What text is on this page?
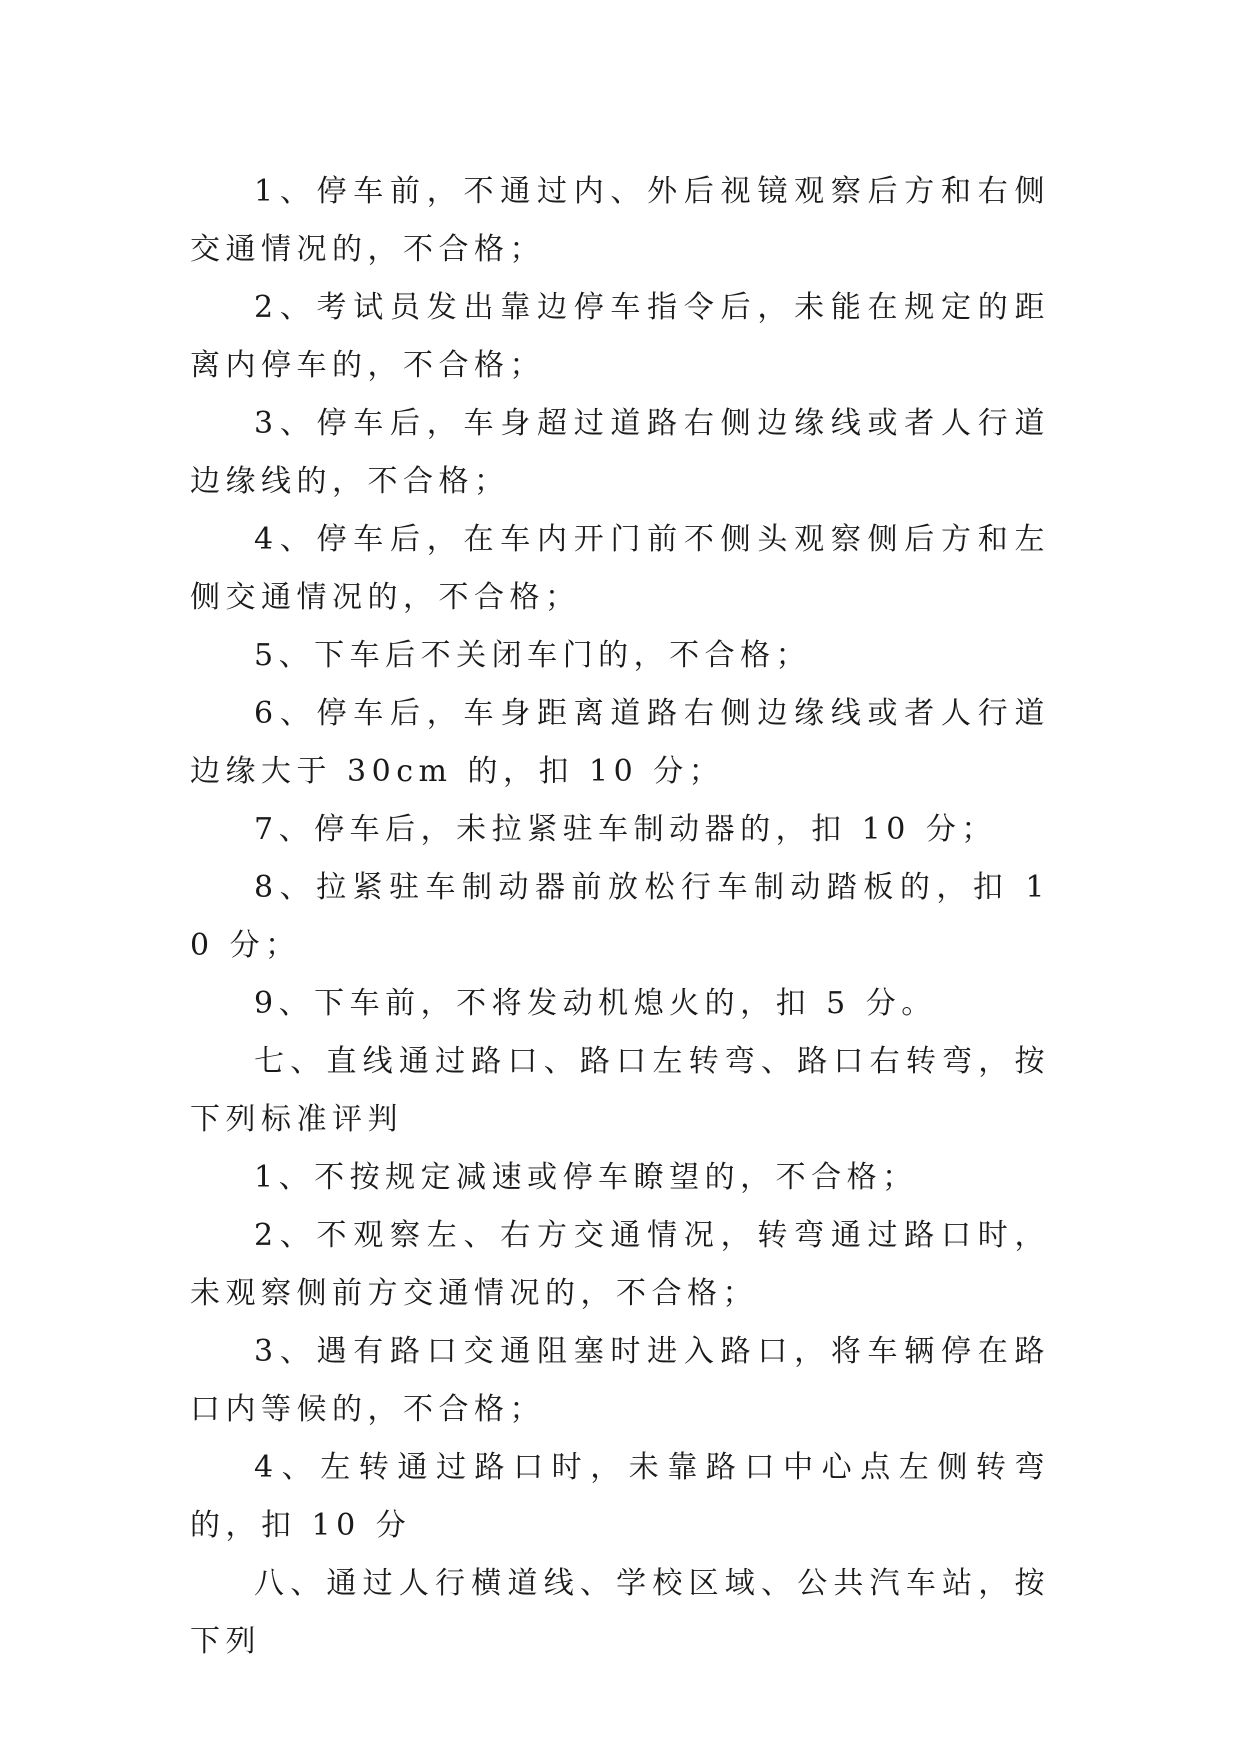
1、停车前，不通过内、外后视镜观察后方和右侧交通情况的，不合格；

2、考试员发出靠边停车指令后，未能在规定的距离内停车的，不合格；

3、停车后，车身超过道路右侧边缘线或者人行道边缘线的，不合格；

4、停车后，在车内开门前不侧头观察侧后方和左侧交通情况的，不合格；

5、下车后不关闭车门的，不合格；

6、停车后，车身距离道路右侧边缘线或者人行道边缘大于 30cm 的，扣 10 分；

7、停车后，未拉紧驻车制动器的，扣 10 分；

8、拉紧驻车制动器前放松行车制动踏板的，扣 10 分；

9、下车前，不将发动机熄火的，扣 5 分。

七、直线通过路口、路口左转弯、路口右转弯，按下列标准评判

1、不按规定减速或停车瞭望的，不合格；

2、不观察左、右方交通情况，转弯通过路口时，未观察侧前方交通情况的，不合格；

3、遇有路口交通阻塞时进入路口，将车辆停在路口内等候的，不合格；

4、左转通过路口时，未靠路口中心点左侧转弯的，扣 10 分

八、通过人行横道线、学校区域、公共汽车站，按下列
